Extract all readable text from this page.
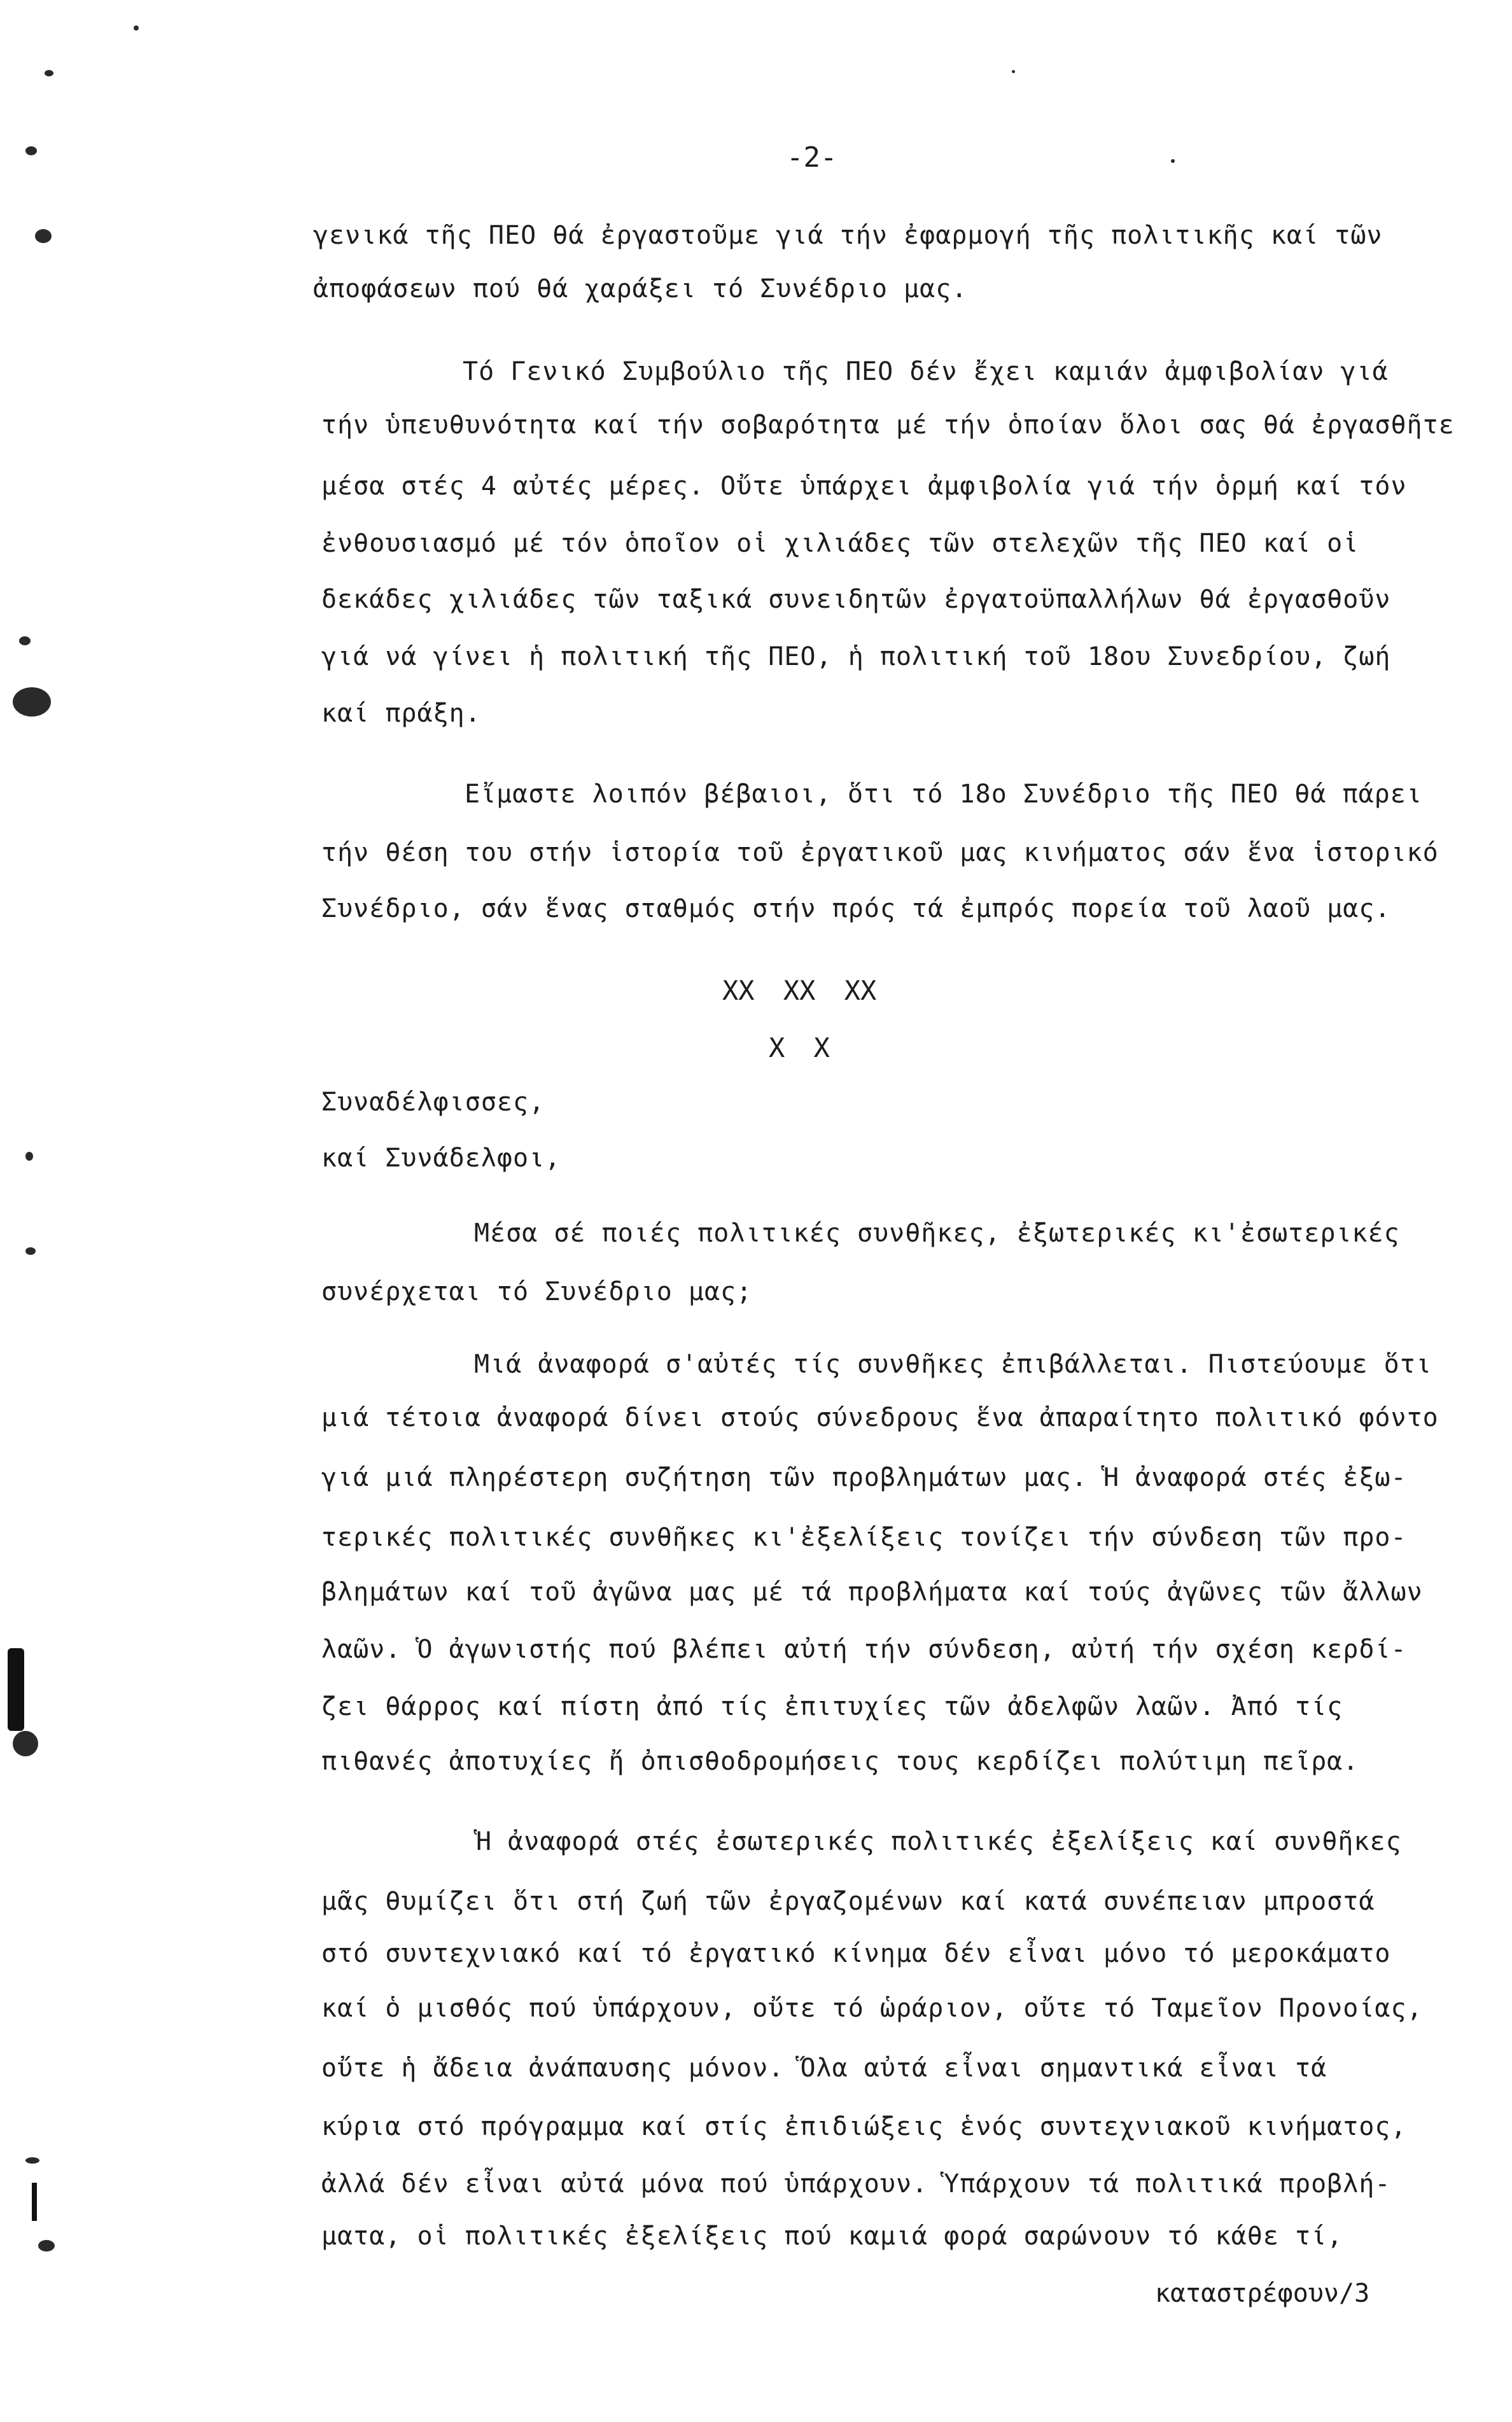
-2-
γενικά τῆς ΠΕΟ θά ἐργαστοῦμε γιά τήν ἐφαρμογή τῆς πολιτικῆς καί τῶν
ἀποφάσεων πού θά χαράξει τό Συνέδριο μας.
Τό Γενικό Συμβούλιο τῆς ΠΕΟ δέν ἔχει καμιάν ἀμφιβολίαν γιά
τήν ὑπευθυνότητα καί τήν σοβαρότητα μέ τήν ὁποίαν ὅλοι σας θά ἐργασθῆτε
μέσα στές 4 αὐτές μέρες. Οὔτε ὑπάρχει ἀμφιβολία γιά τήν ὁρμή καί τόν
ἐνθουσιασμό μέ τόν ὁποῖον οἱ χιλιάδες τῶν στελεχῶν τῆς ΠΕΟ καί οἱ
δεκάδες χιλιάδες τῶν ταξικά συνειδητῶν ἐργατοϋπαλλήλων θά ἐργασθοῦν
γιά νά γίνει ἡ πολιτική τῆς ΠΕΟ, ἡ πολιτική τοῦ 18ου Συνεδρίου, ζωή
καί πράξη.
Εἴμαστε λοιπόν βέβαιοι, ὅτι τό 18ο Συνέδριο τῆς ΠΕΟ θά πάρει
τήν θέση του στήν ἱστορία τοῦ ἐργατικοῦ μας κινήματος σάν ἕνα ἱστορικό
Συνέδριο, σάν ἕνας σταθμός στήν πρός τά ἐμπρός πορεία τοῦ λαοῦ μας.
XX XX XX
X X
Συναδέλφισσες,
καί Συνάδελφοι,
Μέσα σέ ποιές πολιτικές συνθῆκες, ἐξωτερικές κι'ἐσωτερικές
συνέρχεται τό Συνέδριο μας;
Μιά ἀναφορά σ'αὐτές τίς συνθῆκες ἐπιβάλλεται. Πιστεύουμε ὅτι
μιά τέτοια ἀναφορά δίνει στούς σύνεδρους ἕνα ἀπαραίτητο πολιτικό φόντο
γιά μιά πληρέστερη συζήτηση τῶν προβλημάτων μας. Ἡ ἀναφορά στές ἐξω-
τερικές πολιτικές συνθῆκες κι'ἐξελίξεις τονίζει τήν σύνδεση τῶν προ-
βλημάτων καί τοῦ ἀγῶνα μας μέ τά προβλήματα καί τούς ἀγῶνες τῶν ἄλλων
λαῶν. Ὁ ἀγωνιστής πού βλέπει αὐτή τήν σύνδεση, αὐτή τήν σχέση κερδί-
ζει θάρρος καί πίστη ἀπό τίς ἐπιτυχίες τῶν ἀδελφῶν λαῶν. Ἀπό τίς
πιθανές ἀποτυχίες ἤ ὀπισθοδρομήσεις τους κερδίζει πολύτιμη πεῖρα.
Ἡ ἀναφορά στές ἐσωτερικές πολιτικές ἐξελίξεις καί συνθῆκες
μᾶς θυμίζει ὅτι στή ζωή τῶν ἐργαζομένων καί κατά συνέπειαν μπροστά
στό συντεχνιακό καί τό ἐργατικό κίνημα δέν εἶναι μόνο τό μεροκάματο
καί ὁ μισθός πού ὑπάρχουν, οὔτε τό ὡράριον, οὔτε τό Ταμεῖον Προνοίας,
οὔτε ἡ ἄδεια ἀνάπαυσης μόνον. Ὅλα αὐτά εἶναι σημαντικά εἶναι τά
κύρια στό πρόγραμμα καί στίς ἐπιδιώξεις ἑνός συντεχνιακοῦ κινήματος,
ἀλλά δέν εἶναι αὐτά μόνα πού ὑπάρχουν. Ὑπάρχουν τά πολιτικά προβλή-
ματα, οἱ πολιτικές ἐξελίξεις πού καμιά φορά σαρώνουν τό κάθε τί,
καταστρέφουν/3
